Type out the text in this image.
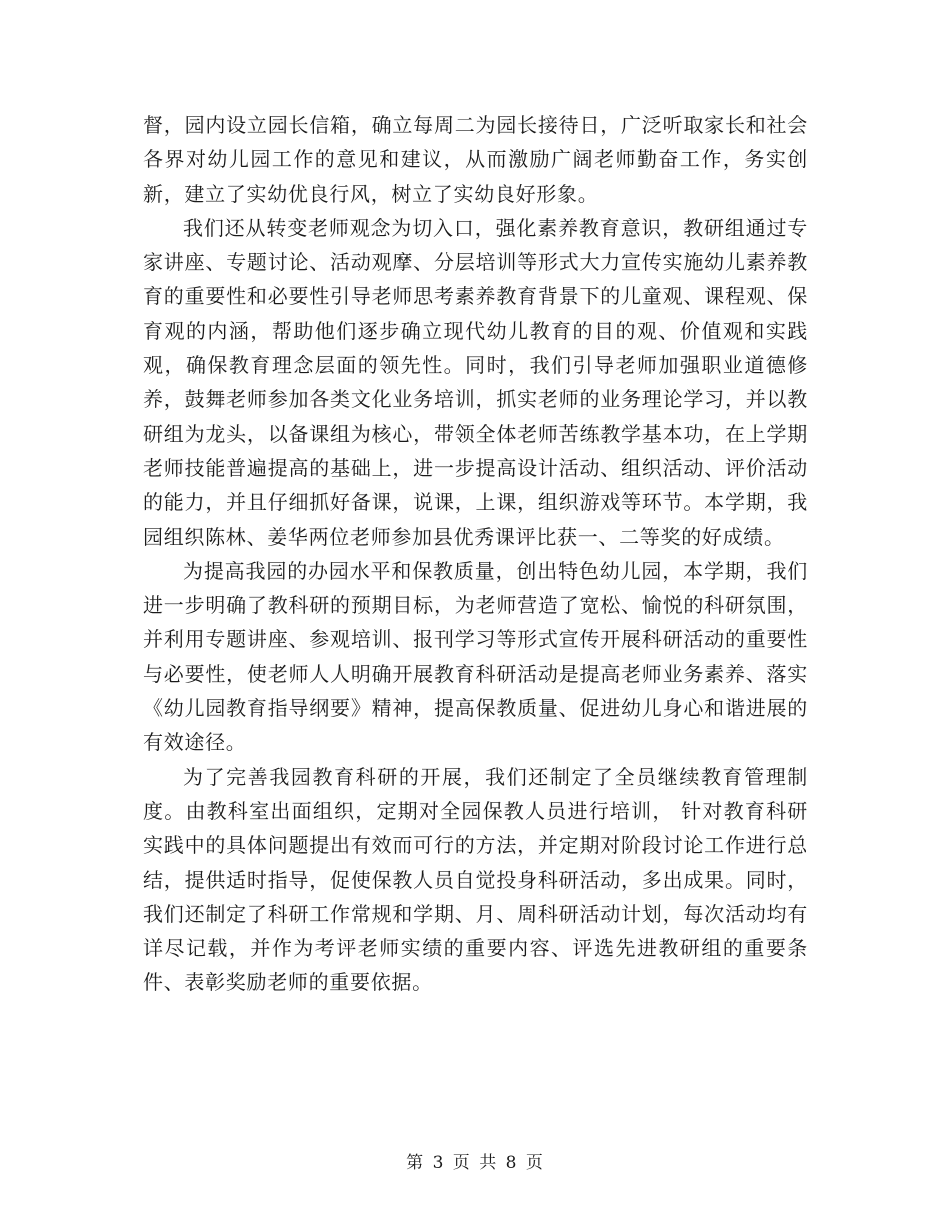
督，园内设立园长信箱，确立每周二为园长接待日，广泛听取家长和社会各界对幼儿园工作的意见和建议，从而激励广阔老师勤奋工作，务实创新，建立了实幼优良行风，树立了实幼良好形象。

我们还从转变老师观念为切入口，强化素养教育意识，教研组通过专家讲座、专题讨论、活动观摩、分层培训等形式大力宣传实施幼儿素养教育的重要性和必要性引导老师思考素养教育背景下的儿童观、课程观、保育观的内涵，帮助他们逐步确立现代幼儿教育的目的观、价值观和实践观，确保教育理念层面的领先性。同时，我们引导老师加强职业道德修养，鼓舞老师参加各类文化业务培训，抓实老师的业务理论学习，并以教研组为龙头，以备课组为核心，带领全体老师苦练教学基本功，在上学期老师技能普遍提高的基础上，进一步提高设计活动、组织活动、评价活动的能力，并且仔细抓好备课，说课，上课，组织游戏等环节。本学期，我园组织陈林、姜华两位老师参加县优秀课评比获一、二等奖的好成绩。

为提高我园的办园水平和保教质量，创出特色幼儿园，本学期，我们进一步明确了教科研的预期目标，为老师营造了宽松、愉悦的科研氛围，并利用专题讲座、参观培训、报刊学习等形式宣传开展科研活动的重要性与必要性，使老师人人明确开展教育科研活动是提高老师业务素养、落实《幼儿园教育指导纲要》精神，提高保教质量、促进幼儿身心和谐进展的有效途径。

为了完善我园教育科研的开展，我们还制定了全员继续教育管理制度。由教科室出面组织，定期对全园保教人员进行培训， 针对教育科研实践中的具体问题提出有效而可行的方法，并定期对阶段讨论工作进行总结，提供适时指导，促使保教人员自觉投身科研活动，多出成果。同时，我们还制定了科研工作常规和学期、月、周科研活动计划，每次活动均有详尽记载，并作为考评老师实绩的重要内容、评选先进教研组的重要条件、表彰奖励老师的重要依据。

第 3 页 共 8 页
